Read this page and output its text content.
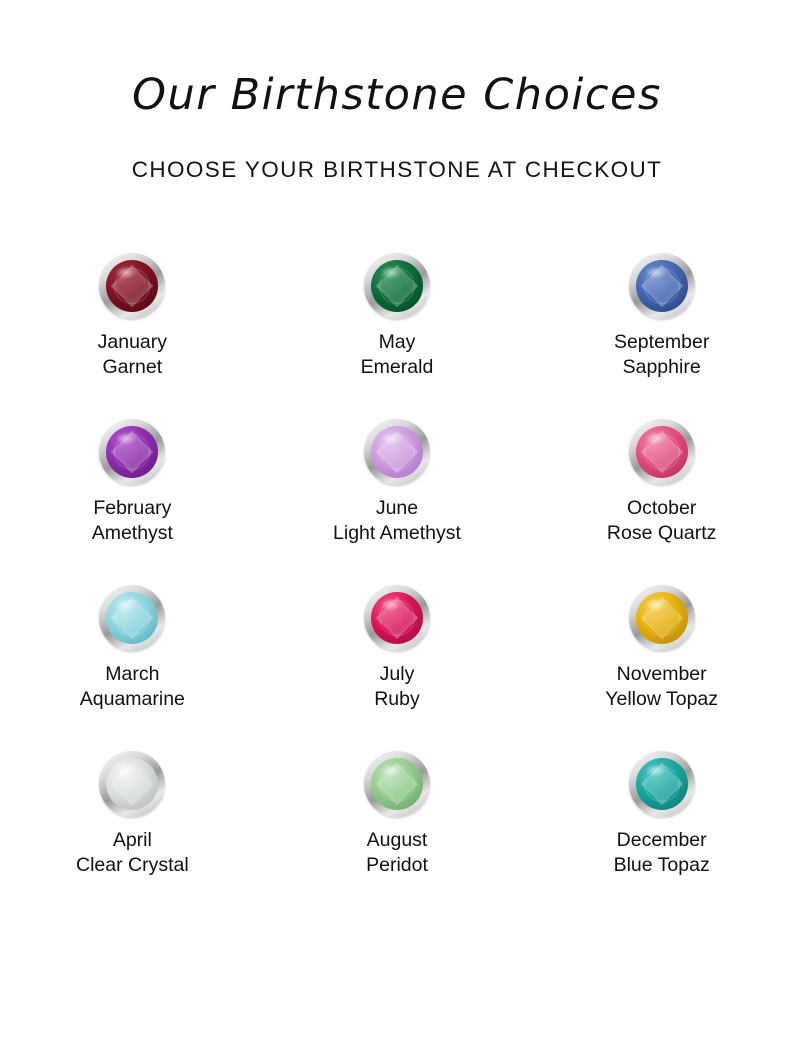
Our Birthstone Choices

CHOOSE YOUR BIRTHSTONE AT CHECKOUT

January
Garnet
May
Emerald
September
Sapphire
February
Amethyst
June
Light Amethyst
October
Rose Quartz
March
Aquamarine
July
Ruby
November
Yellow Topaz
April
Clear Crystal
August
Peridot
December
Blue Topaz
